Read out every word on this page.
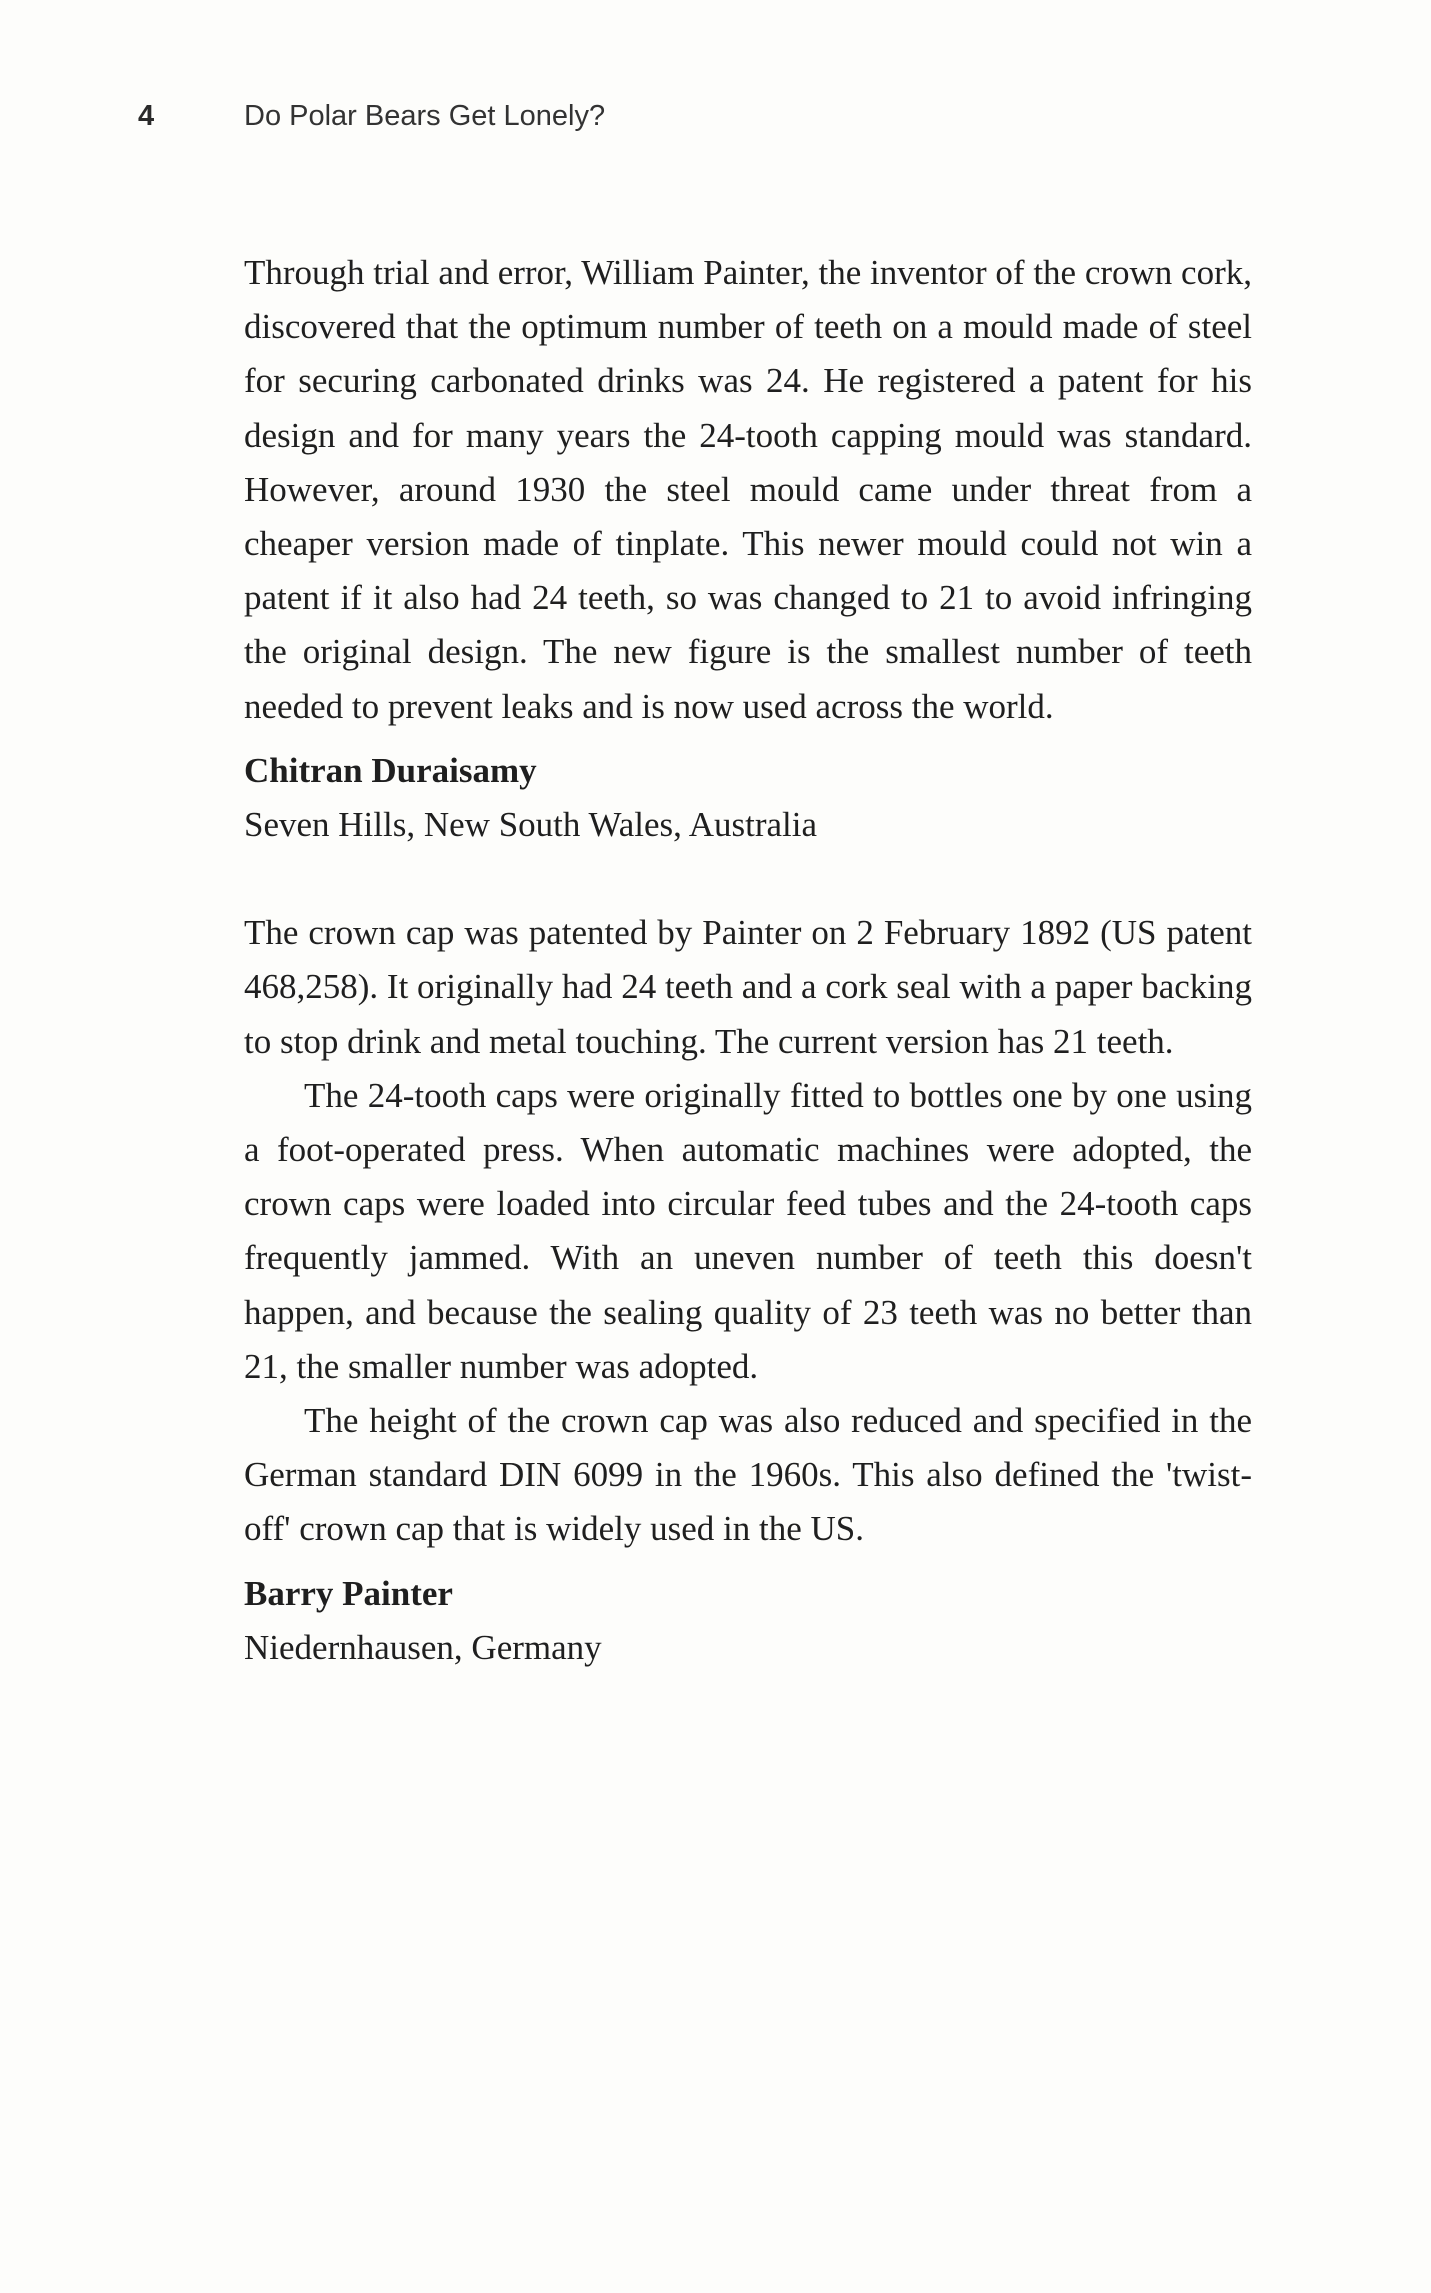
4	Do Polar Bears Get Lonely?

Through trial and error, William Painter, the inventor of the crown cork, discovered that the optimum number of teeth on a mould made of steel for securing carbonated drinks was 24. He registered a patent for his design and for many years the 24-tooth capping mould was standard. However, around 1930 the steel mould came under threat from a cheaper version made of tinplate. This newer mould could not win a patent if it also had 24 teeth, so was changed to 21 to avoid infringing the original design. The new figure is the smallest number of teeth needed to prevent leaks and is now used across the world.

Chitran Duraisamy
Seven Hills, New South Wales, Australia

The crown cap was patented by Painter on 2 February 1892 (US patent 468,258). It originally had 24 teeth and a cork seal with a paper backing to stop drink and metal touching. The current version has 21 teeth.

The 24-tooth caps were originally fitted to bottles one by one using a foot-operated press. When automatic machines were adopted, the crown caps were loaded into circular feed tubes and the 24-tooth caps frequently jammed. With an uneven number of teeth this doesn't happen, and because the sealing quality of 23 teeth was no better than 21, the smaller number was adopted.

The height of the crown cap was also reduced and specified in the German standard DIN 6099 in the 1960s. This also defined the 'twist-off' crown cap that is widely used in the US.

Barry Painter
Niedernhausen, Germany
